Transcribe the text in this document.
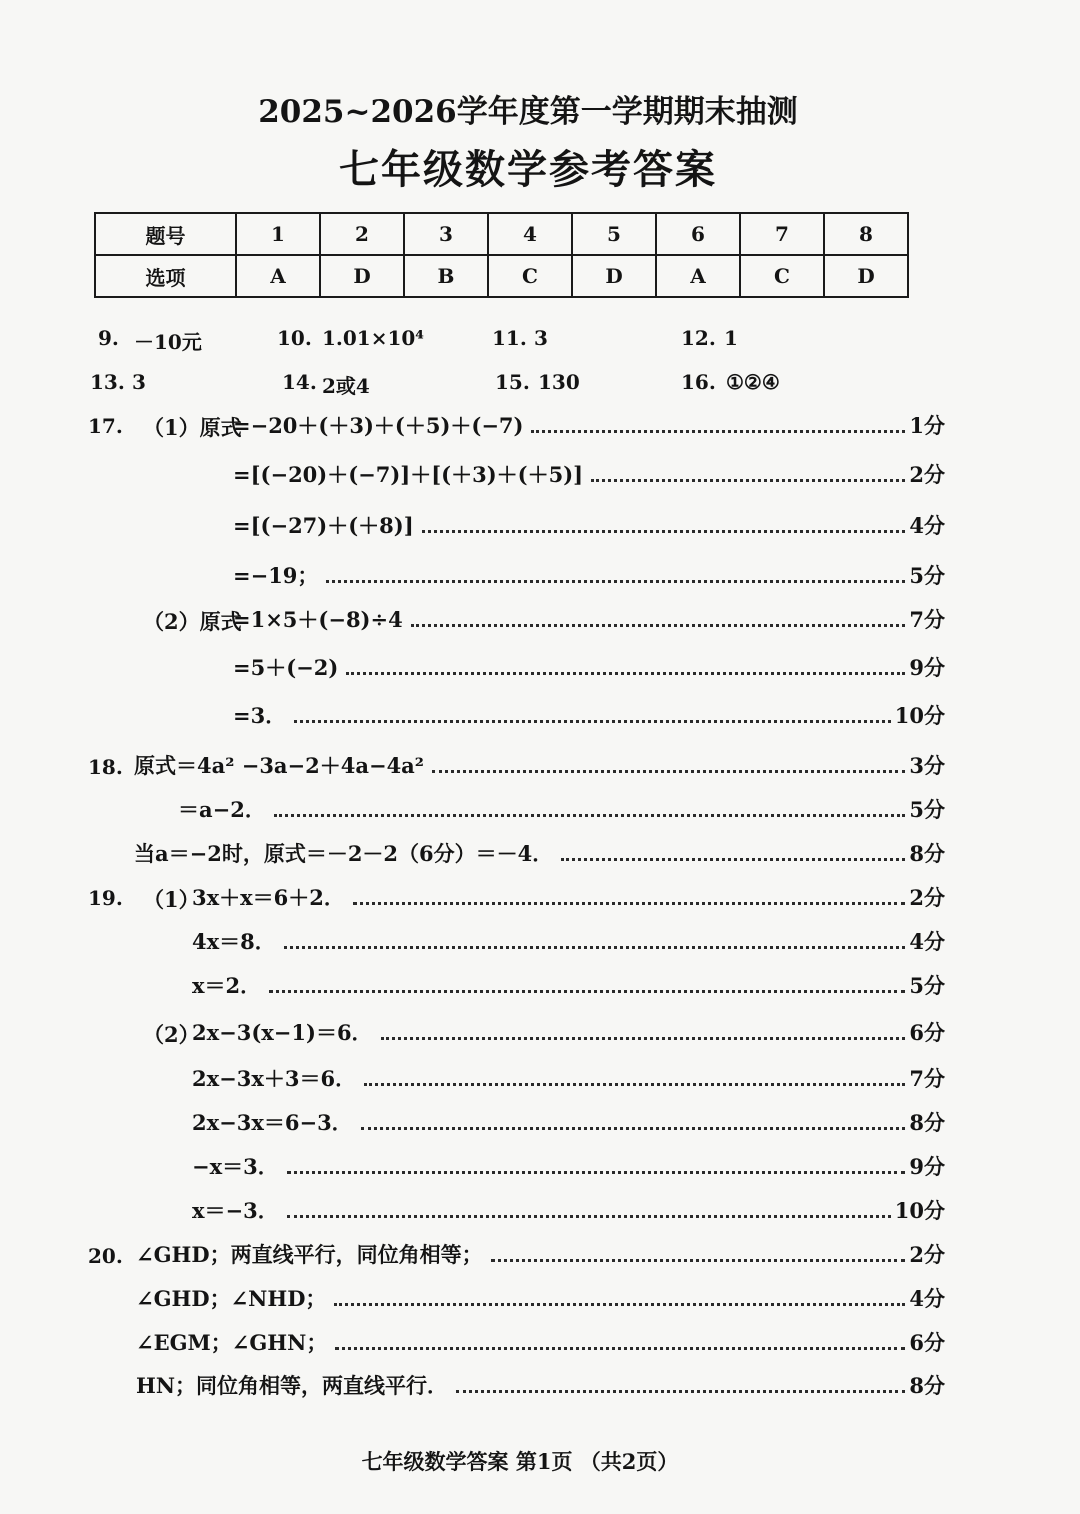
2025~2026学年度第一学期期末抽测
七年级数学参考答案
题号	1	2	3	4	5	6	7	8
选项	A	D	B	C	D	A	C	D
9. －10元	10. 1.01×10⁴	11. 3	12. 1
13. 3	14. 2或4	15. 130	16. ①②④
17. （1）原式
=−20＋(＋3)＋(＋5)＋(−7)	1分
=[(−20)＋(−7)]＋[(＋3)＋(＋5)]	2分
=[(−27)＋(＋8)]	4分
=−19；	5分
（2）原式
=1×5＋(−8)÷4	7分
=5＋(−2)	9分
=3．	10分
18. 原式＝4a² −3a−2＋4a−4a²	3分
＝a−2．	5分
当a＝−2时，原式＝－2－2（6分）＝－4．	8分
19. （1）
3x＋x＝6＋2．	2分
4x＝8．	4分
x＝2．	5分
（2）
2x−3(x−1)＝6．	6分
2x−3x＋3＝6．	7分
2x−3x＝6−3．	8分
−x＝3．	9分
x＝−3．	10分
20. ∠GHD；两直线平行，同位角相等；	2分
∠GHD；∠NHD；	4分
∠EGM；∠GHN；	6分
HN；同位角相等，两直线平行．	8分
七年级数学答案 第1页 （共2页）
